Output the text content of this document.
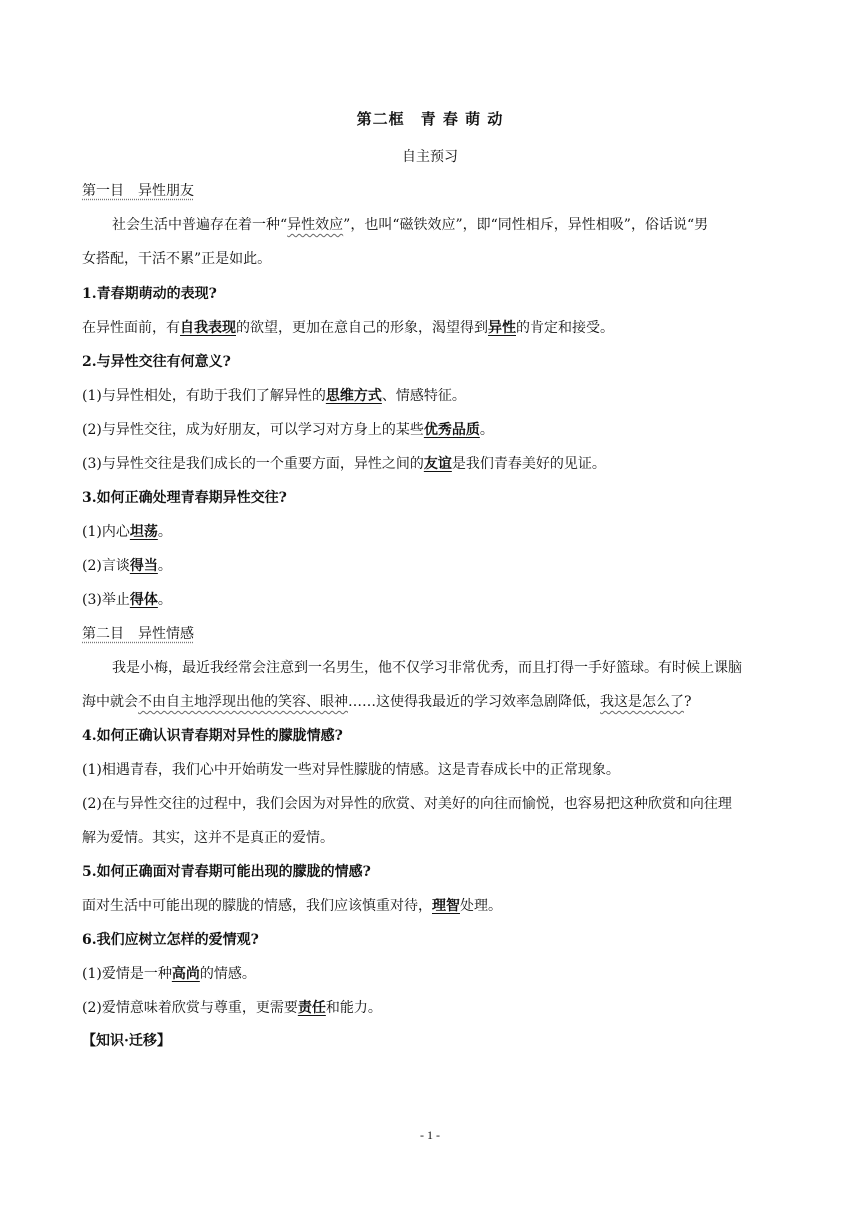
第二框　青 春 萌 动
自主预习
第一目　异性朋友
社会生活中普遍存在着一种“异性效应”，也叫“磁铁效应”，即“同性相斥，异性相吸”，俗话说“男
女搭配，干活不累”正是如此。
1.青春期萌动的表现?
在异性面前，有自我表现的欲望，更加在意自己的形象，渴望得到异性的肯定和接受。
2.与异性交往有何意义?
(1)与异性相处，有助于我们了解异性的思维方式、情感特征。
(2)与异性交往，成为好朋友，可以学习对方身上的某些优秀品质。
(3)与异性交往是我们成长的一个重要方面，异性之间的友谊是我们青春美好的见证。
3.如何正确处理青春期异性交往?
(1)内心坦荡。
(2)言谈得当。
(3)举止得体。
第二目　异性情感
我是小梅，最近我经常会注意到一名男生，他不仅学习非常优秀，而且打得一手好篮球。有时候上课脑
海中就会不由自主地浮现出他的笑容、眼神……这使得我最近的学习效率急剧降低，我这是怎么了?
4.如何正确认识青春期对异性的朦胧情感?
(1)相遇青春，我们心中开始萌发一些对异性朦胧的情感。这是青春成长中的正常现象。
(2)在与异性交往的过程中，我们会因为对异性的欣赏、对美好的向往而愉悦，也容易把这种欣赏和向往理
解为爱情。其实，这并不是真正的爱情。
5.如何正确面对青春期可能出现的朦胧的情感?
面对生活中可能出现的朦胧的情感，我们应该慎重对待，理智处理。
6.我们应树立怎样的爱情观?
(1)爱情是一种高尚的情感。
(2)爱情意味着欣赏与尊重，更需要责任和能力。
【知识·迁移】
- 1 -
